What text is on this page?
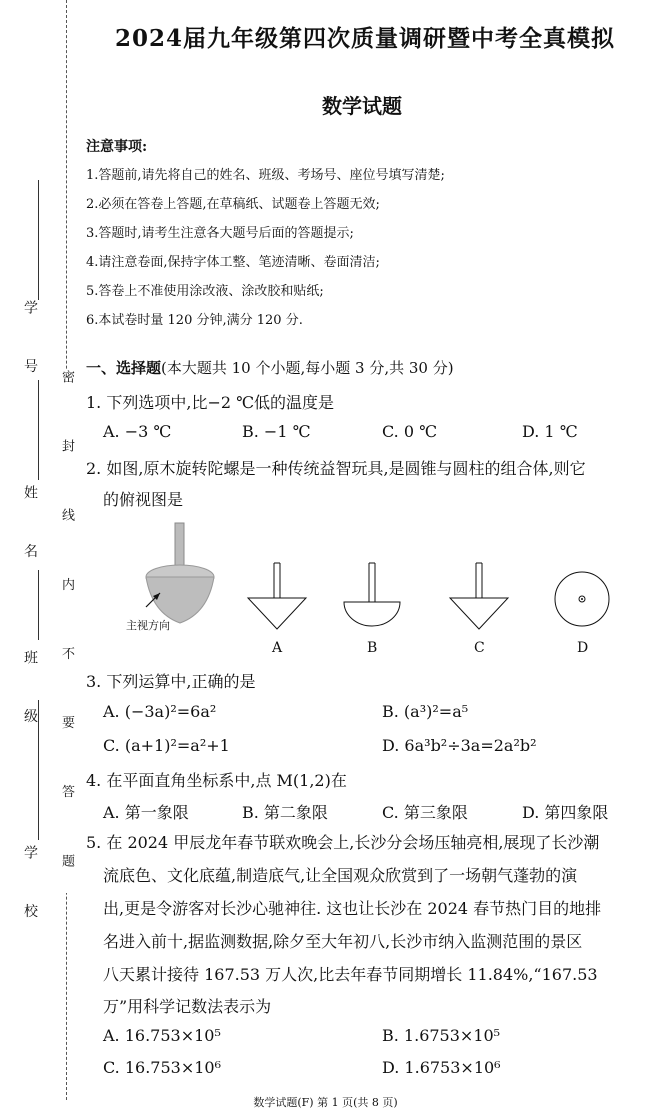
学 号
姓 名
班 级
学 校 密 封 线 内 不 要 答 题
2024届九年级第四次质量调研暨中考全真模拟
数学试题
注意事项:
1.答题前,请先将自己的姓名、班级、考场号、座位号填写清楚;
2.必须在答卷上答题,在草稿纸、试题卷上答题无效;
3.答题时,请考生注意各大题号后面的答题提示;
4.请注意卷面,保持字体工整、笔迹清晰、卷面清洁;
5.答卷上不准使用涂改液、涂改胶和贴纸;
6.本试卷时量 120 分钟,满分 120 分.
一、选择题(本大题共 10 个小题,每小题 3 分,共 30 分)
1. 下列选项中,比−2 ℃低的温度是
A. −3 ℃	B. −1 ℃	C. 0 ℃	D. 1 ℃
2. 如图,原木旋转陀螺是一种传统益智玩具,是圆锥与圆柱的组合体,则它
的俯视图是
主视方向
A	B	C	D
3. 下列运算中,正确的是
A. (−3a)²=6a²	B. (a³)²=a⁵
C. (a+1)²=a²+1	D. 6a³b²÷3a=2a²b²
4. 在平面直角坐标系中,点 M(1,2)在
A. 第一象限	B. 第二象限	C. 第三象限	D. 第四象限
5. 在 2024 甲辰龙年春节联欢晚会上,长沙分会场压轴亮相,展现了长沙潮
流底色、文化底蕴,制造底气,让全国观众欣赏到了一场朝气蓬勃的演
出,更是令游客对长沙心驰神往. 这也让长沙在 2024 春节热门目的地排
名进入前十,据监测数据,除夕至大年初八,长沙市纳入监测范围的景区
八天累计接待 167.53 万人次,比去年春节同期增长 11.84%,“167.53
万”用科学记数法表示为
A. 16.753×10⁵	B. 1.6753×10⁵
C. 16.753×10⁶	D. 1.6753×10⁶
数学试题(F) 第 1 页(共 8 页)
